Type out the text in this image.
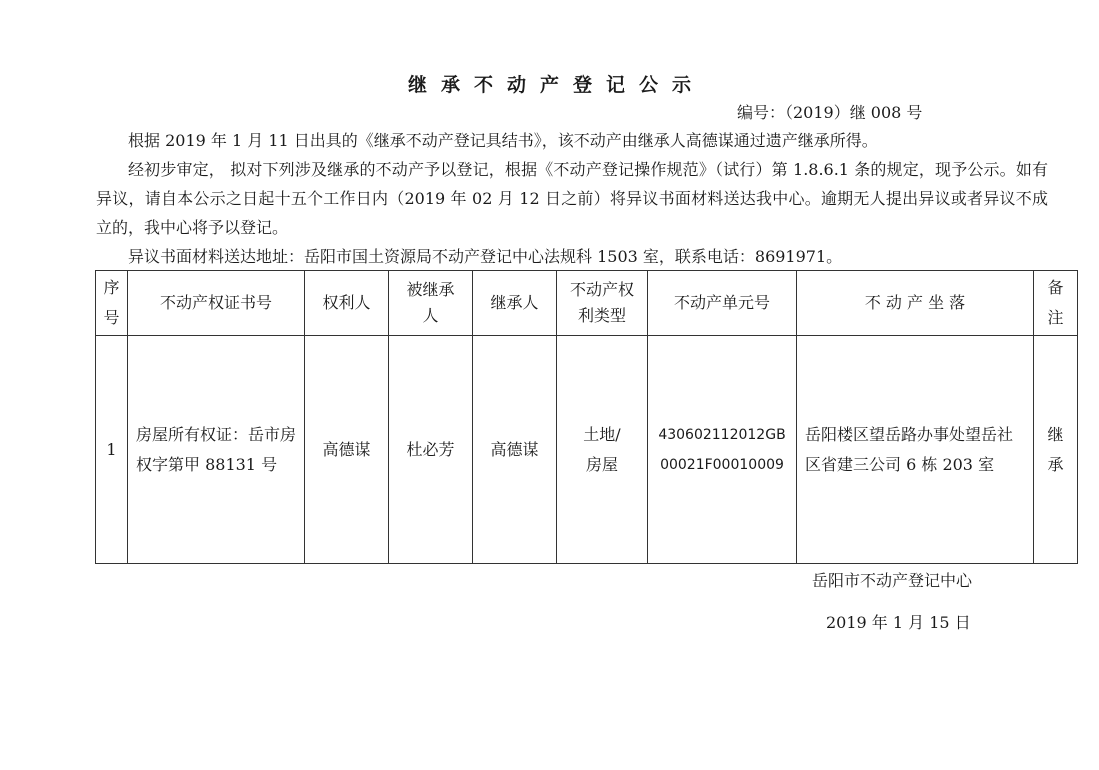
继承不动产登记公示
编号：（2019）继 008 号

根据 2019 年 1 月 11 日出具的《继承不动产登记具结书》，该不动产由继承人高德谋通过遗产继承所得。

经初步审定， 拟对下列涉及继承的不动产予以登记，根据《不动产登记操作规范》（试行）第 1.8.6.1 条的规定，现予公示。如有异议，请自本公示之日起十五个工作日内（2019 年 02 月 12 日之前）将异议书面材料送达我中心。逾期无人提出异议或者异议不成立的，我中心将予以登记。

异议书面材料送达地址：岳阳市国土资源局不动产登记中心法规科 1503 室，联系电话：8691971。

序号	不动产权证书号	权利人	被继承人	继承人	不动产权利类型	不动产单元号	不 动 产 坐 落	备注
1	房屋所有权证：岳市房权字第甲 88131 号	高德谋	杜必芳	高德谋	土地/房屋	430602112012GB00021F00010009	岳阳楼区望岳路办事处望岳社区省建三公司 6 栋 203 室	继承
岳阳市不动产登记中心
2019 年 1 月 15 日
